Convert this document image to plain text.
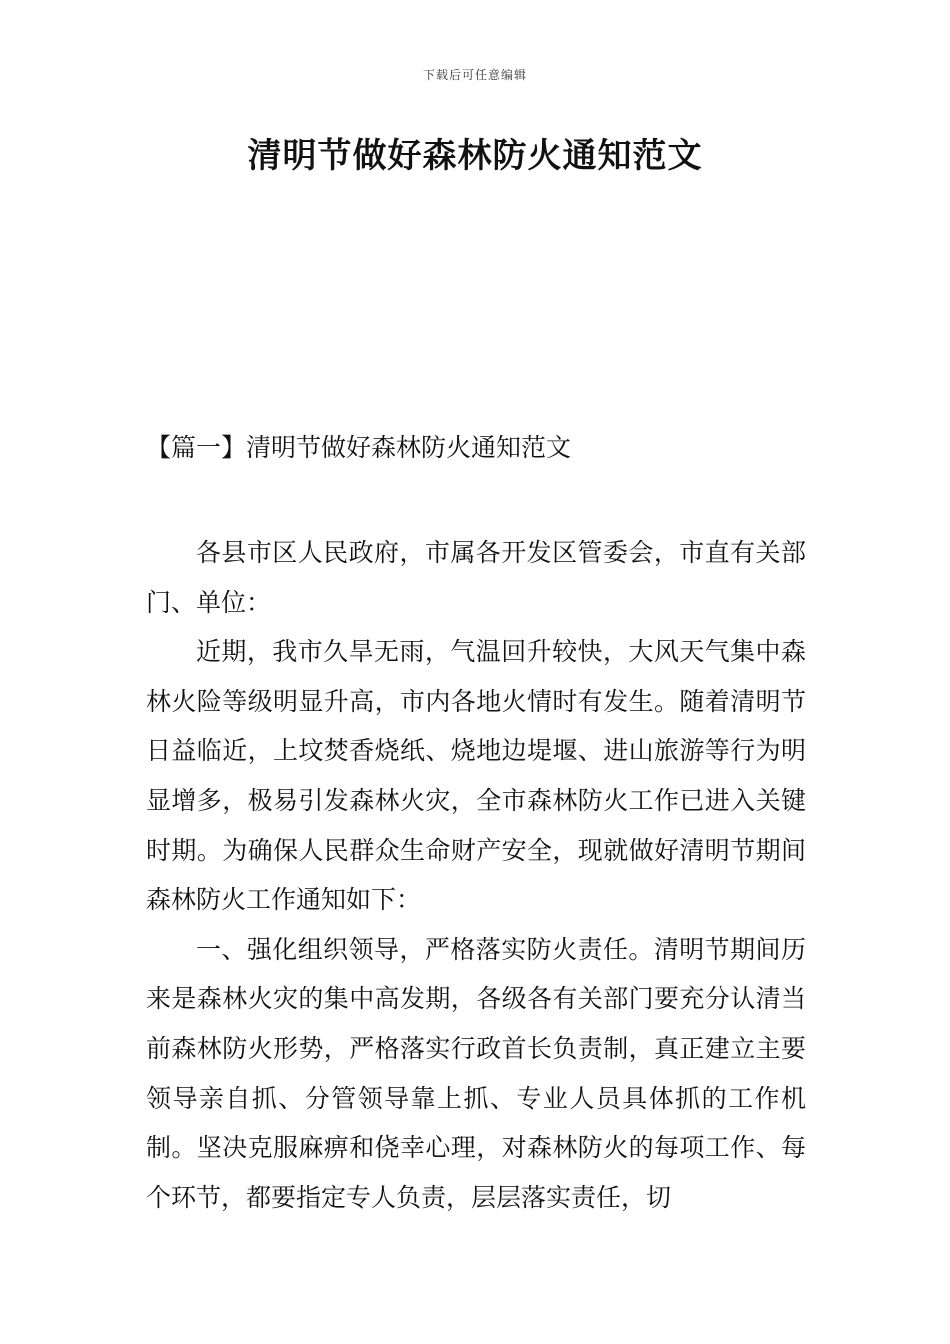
下载后可任意编辑
清明节做好森林防火通知范文
【篇一】清明节做好森林防火通知范文

各县市区人民政府，市属各开发区管委会，市直有关部门、单位：

近期，我市久旱无雨，气温回升较快，大风天气集中森林火险等级明显升高，市内各地火情时有发生。随着清明节日益临近，上坟焚香烧纸、烧地边堤堰、进山旅游等行为明显增多，极易引发森林火灾，全市森林防火工作已进入关键时期。为确保人民群众生命财产安全，现就做好清明节期间森林防火工作通知如下：

一、强化组织领导，严格落实防火责任。清明节期间历来是森林火灾的集中高发期，各级各有关部门要充分认清当前森林防火形势，严格落实行政首长负责制，真正建立主要领导亲自抓、分管领导靠上抓、专业人员具体抓的工作机制。坚决克服麻痹和侥幸心理，对森林防火的每项工作、每个环节，都要指定专人负责，层层落实责任，切
